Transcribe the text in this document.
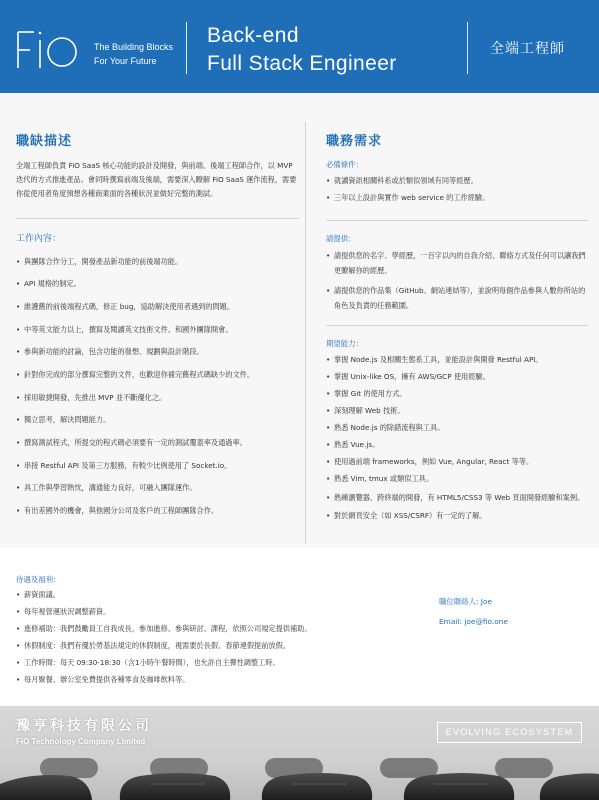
The Building Blocks
For Your Future
Back-end
Full Stack Engineer
全端工程師
職缺描述
全端工程師負責 FiO SaaS 核心功能的設計及開發，與前端、後端工程師合作，以 MVP 迭代的方式推進產品。會同時撰寫前端及後端，需要深入瞭解 FiO SaaS 運作流程，需要你從使用者角度預想各種商業面的各種狀況並做好完整的測試。
工作內容：
• 與團隊合作分工，開發產品新功能的前後端功能。
• API 規格的制定。
• 維護舊的前後端程式碼，修正 bug，協助解決使用者遇到的問題。
• 中等英文能力以上，撰寫及閱讀英文技術文件、和國外團隊開會。
• 參與新功能的討論，包含功能的發想、規劃與設計階段。
• 針對你完成的部分撰寫完整的文件，也歡迎你補完舊程式碼缺少的文件。
• 採用敏捷開發，先推出 MVP 並不斷優化之。
• 獨立思考，解決問題能力。
• 撰寫測試程式，所提交的程式碼必須要有一定的測試覆蓋率及通過率。
• 串接 Restful API 及第三方服務，有較少比例使用了 Socket.io。
• 具工作與學習熱忱，溝通能力良好，可融入團隊運作。
• 有出差國外的機會，與他國分公司及客戶的工程師團隊合作。
職務需求
必備條件：
• 就讀資訊相關科系或於類似領域有同等經歷。
• 三年以上設計與實作 web service 的工作經驗。
請提供：
• 請提供您的名字、學經歷，一百字以內的自我介紹、聯絡方式及任何可以讓我們更瞭解你的經歷。
• 請提供您的作品集（GitHub、網站連結等），並說明每個作品參與人數你所站的角色及負責的任務範圍。
期望能力：
• 掌握 Node.js 及相關生態系工具，並能設計與開發 Restful API。
• 掌握 Unix-like OS，擁有 AWS/GCP 使用經驗。
• 掌握 Git 的使用方式。
• 深刻理解 Web 技術。
• 熟悉 Node.js 的除錯流程與工具。
• 熟悉 Vue.js。
• 使用過前端 frameworks，例如 Vue, Angular, React 等等。
• 熟悉 Vim, tmux 或類似工具。
• 熟練瀏覽器、跨終端的開發，有 HTML5/CSS3 等 Web 頁面開發經驗和案例。
• 對於網頁安全（如 XSS/CSRF）有一定的了解。
待遇及福利：
• 薪資面議。
• 每年視營運狀況調整薪資。
• 進修補助：我們鼓勵員工自我成長，參加進修、參與研討、課程，依照公司規定提供補助。
• 休假制度：我們有優於勞基法規定的休假制度，視需要於長假、春節連假提前放假。
• 工作時間：每天 09:30-18:30（含1小時午餐時間），也允許自主彈性調整工時。
• 每月聚餐、辦公室免費提供各種零食及咖啡飲料等。
職位聯絡人: Joe
Email: joe@fio.one
豫亨科技有限公司
FiO Technology Company Limited
EVOLVING ECOSYSTEM
